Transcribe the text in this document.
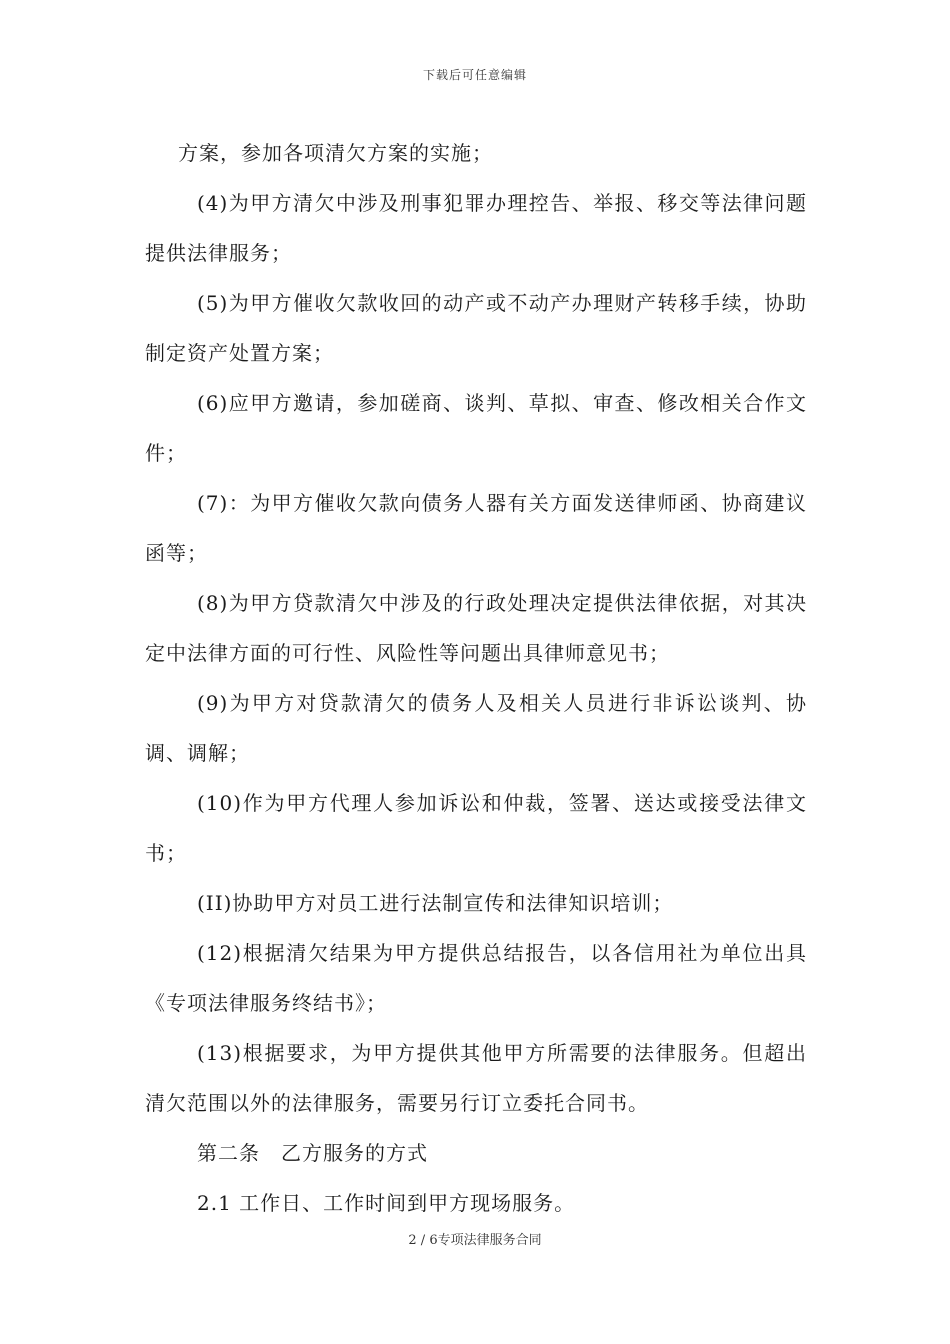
下载后可任意编辑

方案，参加各项清欠方案的实施；

(4)为甲方清欠中涉及刑事犯罪办理控告、举报、移交等法律问题提供法律服务；

(5)为甲方催收欠款收回的动产或不动产办理财产转移手续，协助制定资产处置方案；

(6)应甲方邀请，参加磋商、谈判、草拟、审查、修改相关合作文件；

(7)：为甲方催收欠款向债务人器有关方面发送律师函、协商建议函等；

(8)为甲方贷款清欠中涉及的行政处理决定提供法律依据，对其决定中法律方面的可行性、风险性等问题出具律师意见书；

(9)为甲方对贷款清欠的债务人及相关人员进行非诉讼谈判、协调、调解；

(10)作为甲方代理人参加诉讼和仲裁，签署、送达或接受法律文书；

(II)协助甲方对员工进行法制宣传和法律知识培训；

(12)根据清欠结果为甲方提供总结报告，以各信用社为单位出具《专项法律服务终结书》；

(13)根据要求，为甲方提供其他甲方所需要的法律服务。但超出清欠范围以外的法律服务，需要另行订立委托合同书。

第二条　乙方服务的方式

2.1 工作日、工作时间到甲方现场服务。

2 / 6专项法律服务合同
